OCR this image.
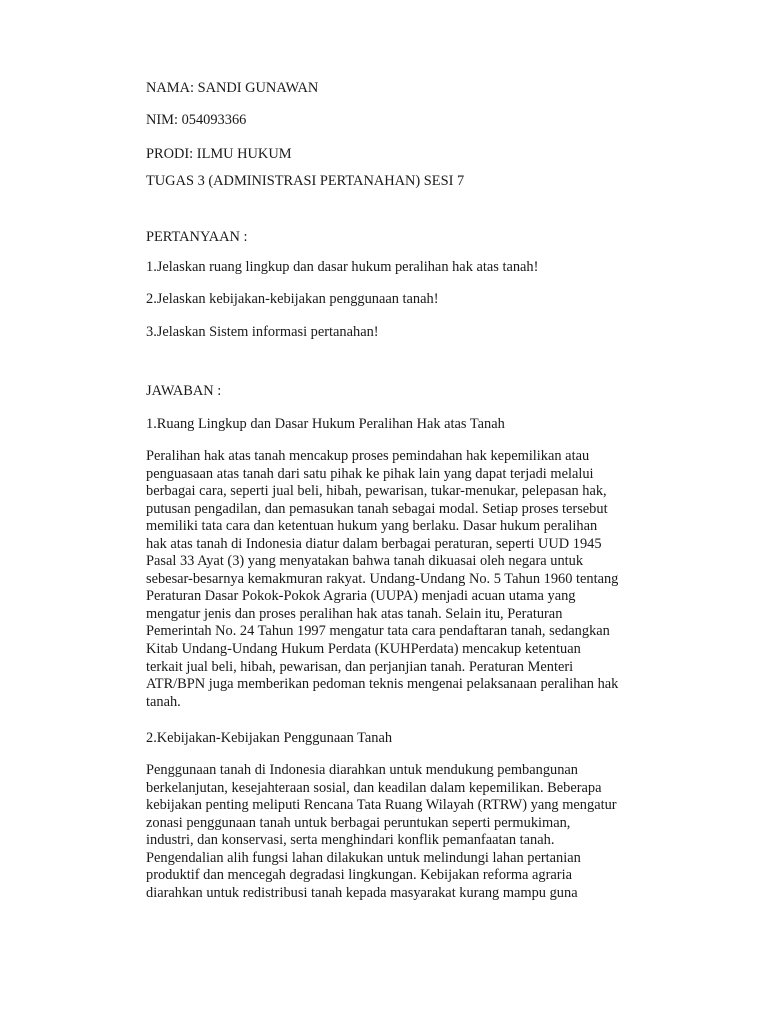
NAMA: SANDI GUNAWAN
NIM: 054093366
PRODI: ILMU HUKUM
TUGAS 3 (ADMINISTRASI PERTANAHAN) SESI 7
PERTANYAAN :
1.Jelaskan ruang lingkup dan dasar hukum peralihan hak atas tanah!
2.Jelaskan kebijakan-kebijakan penggunaan tanah!
3.Jelaskan Sistem informasi pertanahan!
JAWABAN :
1.Ruang Lingkup dan Dasar Hukum Peralihan Hak atas Tanah
Peralihan hak atas tanah mencakup proses pemindahan hak kepemilikan atau
penguasaan atas tanah dari satu pihak ke pihak lain yang dapat terjadi melalui
berbagai cara, seperti jual beli, hibah, pewarisan, tukar-menukar, pelepasan hak,
putusan pengadilan, dan pemasukan tanah sebagai modal. Setiap proses tersebut
memiliki tata cara dan ketentuan hukum yang berlaku. Dasar hukum peralihan
hak atas tanah di Indonesia diatur dalam berbagai peraturan, seperti UUD 1945
Pasal 33 Ayat (3) yang menyatakan bahwa tanah dikuasai oleh negara untuk
sebesar-besarnya kemakmuran rakyat. Undang-Undang No. 5 Tahun 1960 tentang
Peraturan Dasar Pokok-Pokok Agraria (UUPA) menjadi acuan utama yang
mengatur jenis dan proses peralihan hak atas tanah. Selain itu, Peraturan
Pemerintah No. 24 Tahun 1997 mengatur tata cara pendaftaran tanah, sedangkan
Kitab Undang-Undang Hukum Perdata (KUHPerdata) mencakup ketentuan
terkait jual beli, hibah, pewarisan, dan perjanjian tanah. Peraturan Menteri
ATR/BPN juga memberikan pedoman teknis mengenai pelaksanaan peralihan hak
tanah.
2.Kebijakan-Kebijakan Penggunaan Tanah
Penggunaan tanah di Indonesia diarahkan untuk mendukung pembangunan
berkelanjutan, kesejahteraan sosial, dan keadilan dalam kepemilikan. Beberapa
kebijakan penting meliputi Rencana Tata Ruang Wilayah (RTRW) yang mengatur
zonasi penggunaan tanah untuk berbagai peruntukan seperti permukiman,
industri, dan konservasi, serta menghindari konflik pemanfaatan tanah.
Pengendalian alih fungsi lahan dilakukan untuk melindungi lahan pertanian
produktif dan mencegah degradasi lingkungan. Kebijakan reforma agraria
diarahkan untuk redistribusi tanah kepada masyarakat kurang mampu guna
